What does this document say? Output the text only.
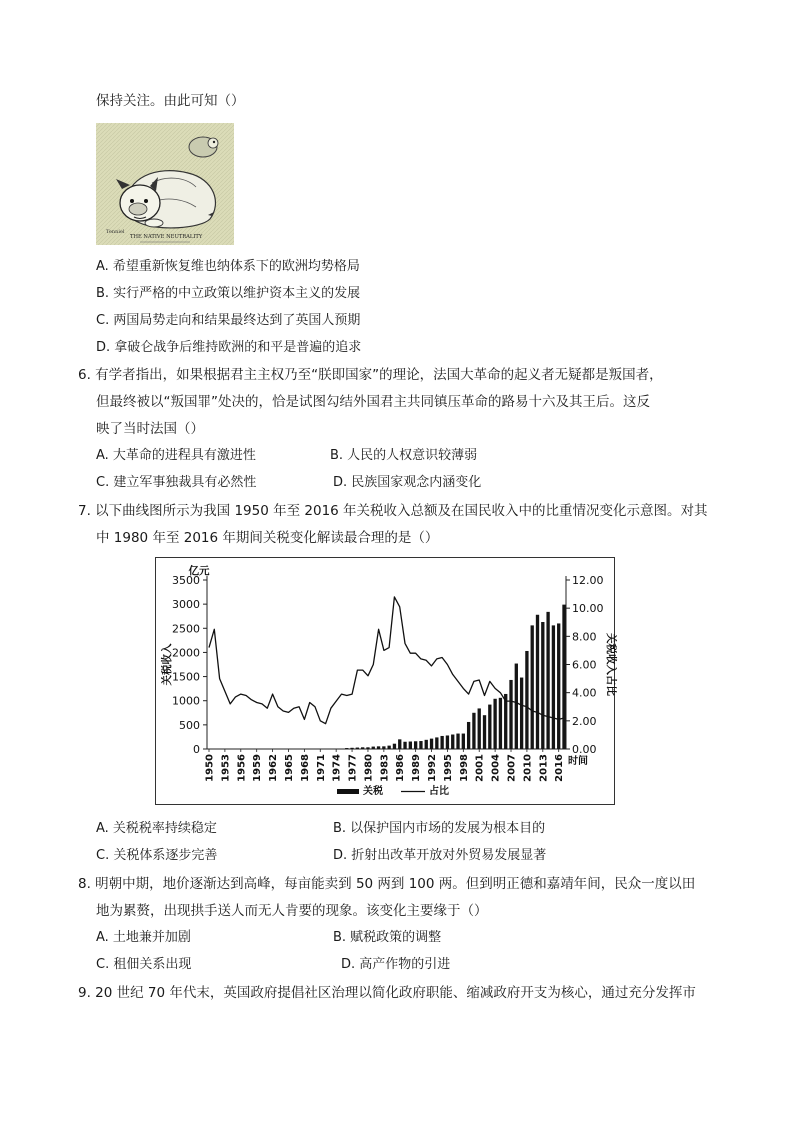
保持关注。由此可知（）
Tenniel
THE NATIVE NEUTRALITY
A. 希望重新恢复维也纳体系下的欧洲均势格局
B. 实行严格的中立政策以维护资本主义的发展
C. 两国局势走向和结果最终达到了英国人预期
D. 拿破仑战争后维持欧洲的和平是普遍的追求
6. 有学者指出，如果根据君主主权乃至“朕即国家”的理论，法国大革命的起义者无疑都是叛国者，
但最终被以“叛国罪”处决的，恰是试图勾结外国君主共同镇压革命的路易十六及其王后。这反
映了当时法国（）
A. 大革命的进程具有激进性	B. 人民的人权意识较薄弱
C. 建立军事独裁具有必然性	D. 民族国家观念内涵变化
7. 以下曲线图所示为我国 1950 年至 2016 年关税收入总额及在国民收入中的比重情况变化示意图。对其
中 1980 年至 2016 年期间关税变化解读最合理的是（）
3500
3000
2500
2000
1500
1000
500
0
12.00
10.00
8.00
6.00
4.00
2.00
0.00
亿元
关税收入	关税收入占比
1950 1953 1956 1959 1962 1965 1968 1971 1974 1977 1980 1983 1986 1989 1992 1995 1998 2001 2004 2007 2010 2013 2016 时间
关税	占比
A. 关税税率持续稳定	B. 以保护国内市场的发展为根本目的
C. 关税体系逐步完善	D. 折射出改革开放对外贸易发展显著
8. 明朝中期，地价逐渐达到高峰，每亩能卖到 50 两到 100 两。但到明正德和嘉靖年间，民众一度以田
地为累赘，出现拱手送人而无人肯要的现象。该变化主要缘于（）
A. 土地兼并加剧	B. 赋税政策的调整
C. 租佃关系出现	D. 高产作物的引进
9. 20 世纪 70 年代末，英国政府提倡社区治理以简化政府职能、缩减政府开支为核心，通过充分发挥市
